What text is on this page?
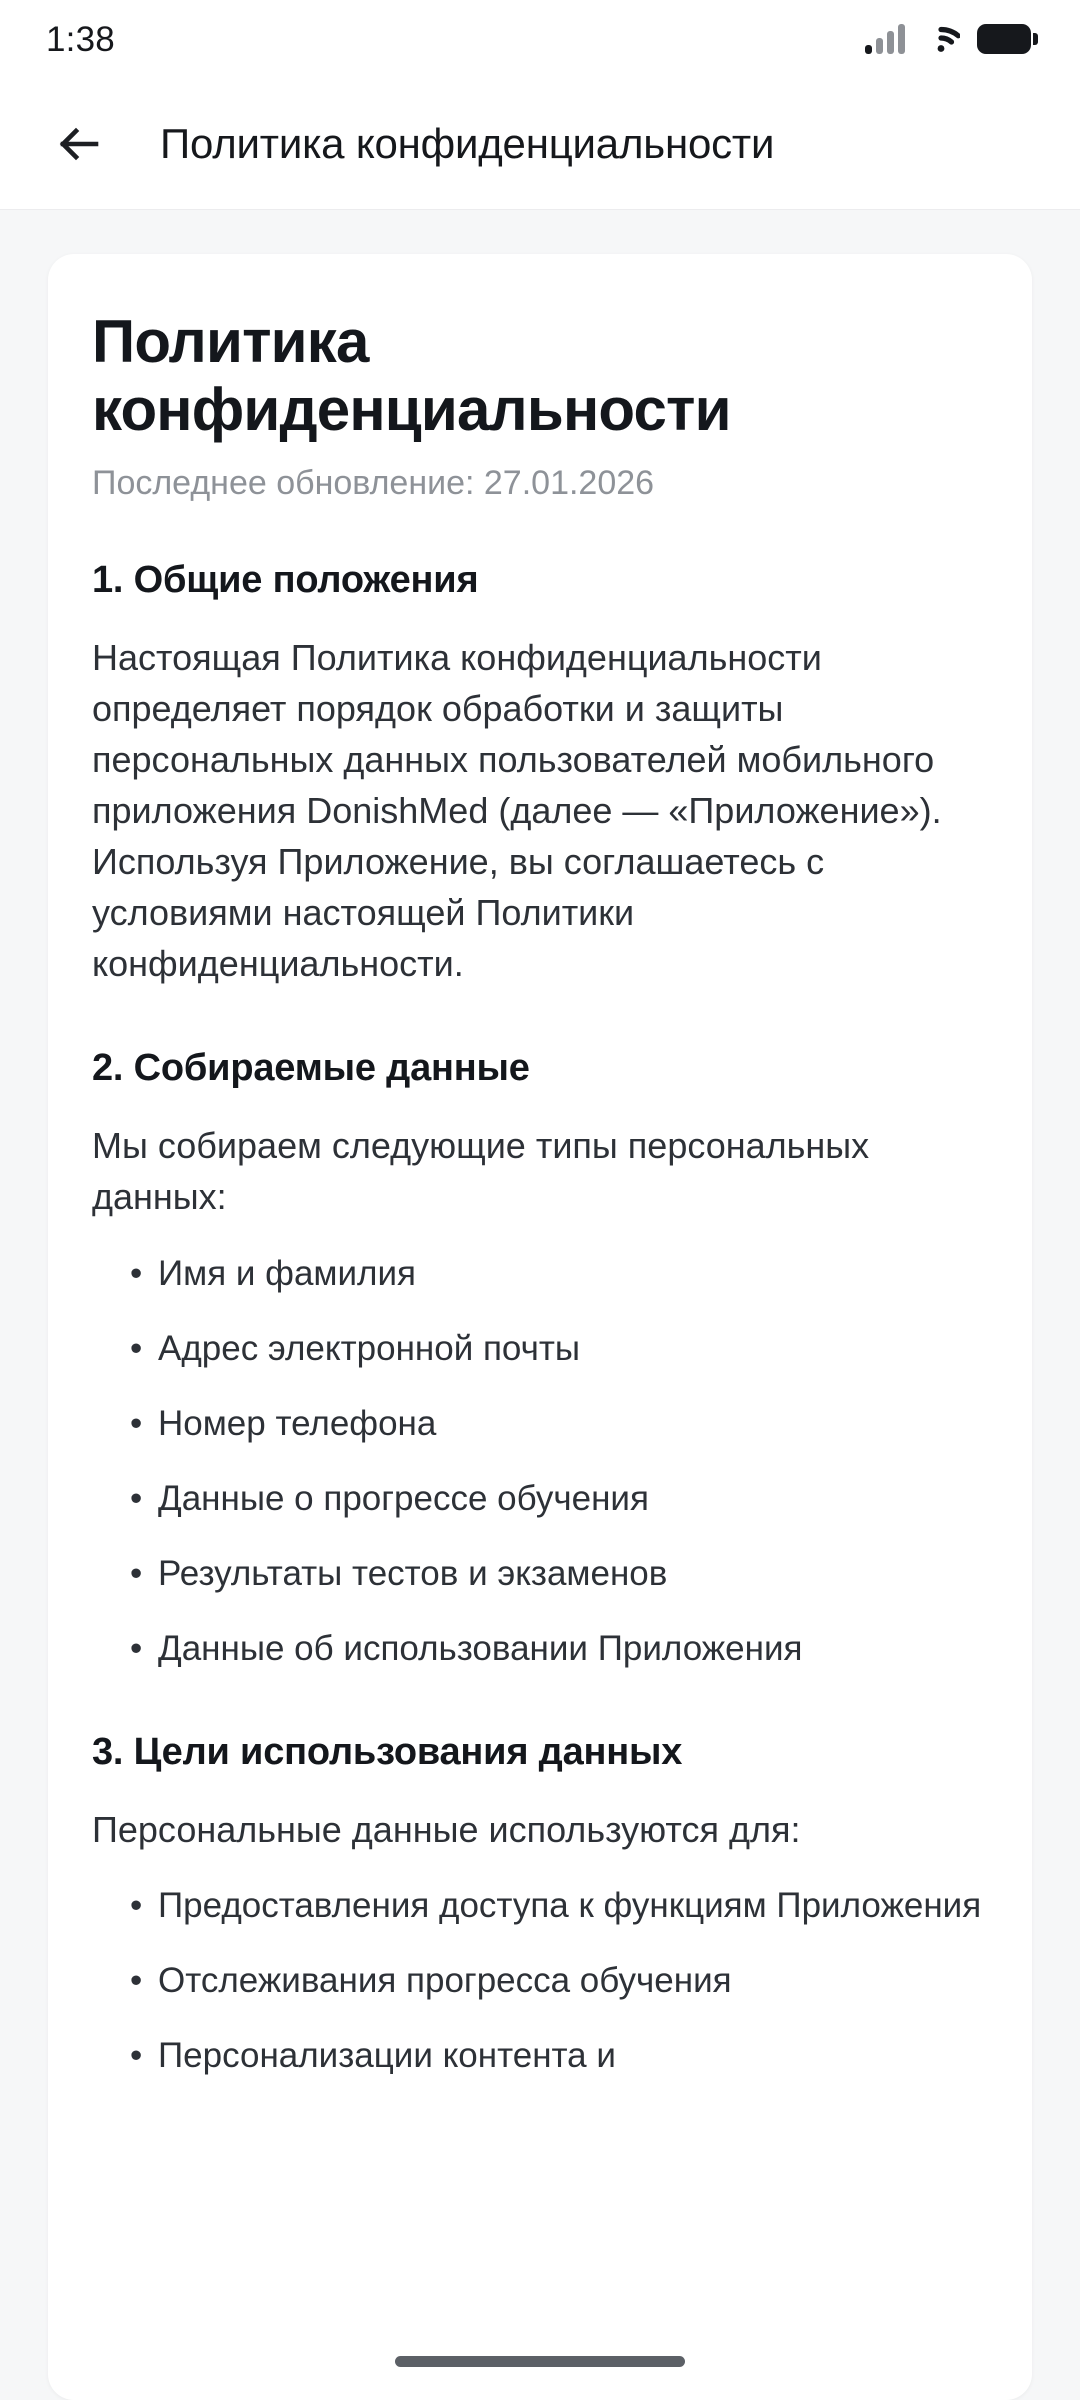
1:38
Политика конфиденциальности
Политика конфиденциальности
Последнее обновление: 27.01.2026
1. Общие положения

Настоящая Политика конфиденциальности определяет порядок обработки и защиты персональных данных пользователей мобильного приложения DonishMed (далее — «Приложение»). Используя Приложение, вы соглашаетесь с условиями настоящей Политики конфиденциальности.

2. Собираемые данные

Мы собираем следующие типы персональных данных:

• Имя и фамилия
• Адрес электронной почты
• Номер телефона
• Данные о прогрессе обучения
• Результаты тестов и экзаменов
• Данные об использовании Приложения
3. Цели использования данных

Персональные данные используются для:

• Предоставления доступа к функциям Приложения
• Отслеживания прогресса обучения
• Персонализации контента и
